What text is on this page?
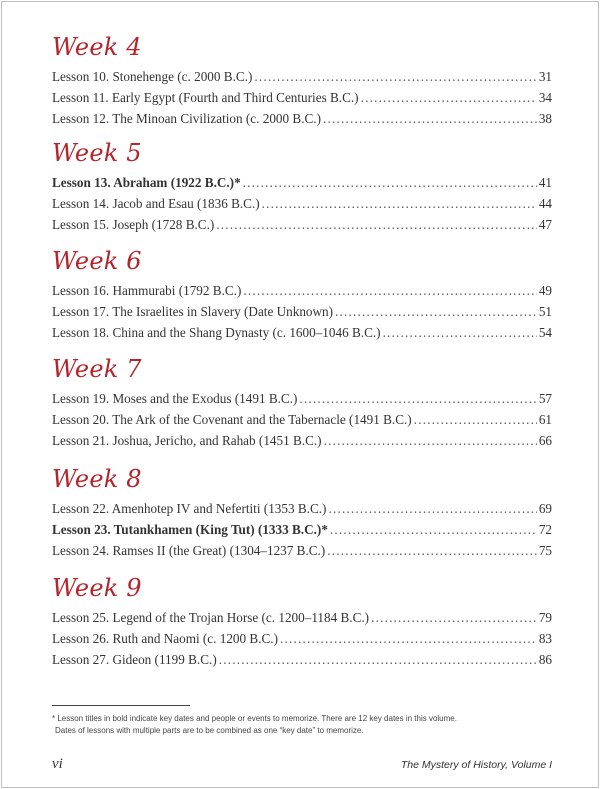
Week 4
Lesson 10. Stonehenge (c. 2000 B.C.) .....	31
Lesson 11. Early Egypt (Fourth and Third Centuries B.C.) .....	34
Lesson 12. The Minoan Civilization (c. 2000 B.C.) .....	38
Week 5
Lesson 13. Abraham (1922 B.C.)* .....	41
Lesson 14. Jacob and Esau (1836 B.C.) .....	44
Lesson 15. Joseph (1728 B.C.) .....	47
Week 6
Lesson 16. Hammurabi (1792 B.C.) .....	49
Lesson 17. The Israelites in Slavery (Date Unknown) .....	51
Lesson 18. China and the Shang Dynasty (c. 1600–1046 B.C.) .....	54
Week 7
Lesson 19. Moses and the Exodus (1491 B.C.) .....	57
Lesson 20. The Ark of the Covenant and the Tabernacle (1491 B.C.) .....	61
Lesson 21. Joshua, Jericho, and Rahab (1451 B.C.) .....	66
Week 8
Lesson 22. Amenhotep IV and Nefertiti (1353 B.C.) .....	69
Lesson 23. Tutankhamen (King Tut) (1333 B.C.)* .....	72
Lesson 24. Ramses II (the Great) (1304–1237 B.C.) .....	75
Week 9
Lesson 25. Legend of the Trojan Horse (c. 1200–1184 B.C.) .....	79
Lesson 26. Ruth and Naomi (c. 1200 B.C.) .....	83
Lesson 27. Gideon (1199 B.C.) .....	86
* Lesson titles in bold indicate key dates and people or events to memorize. There are 12 key dates in this volume.
Dates of lessons with multiple parts are to be combined as one “key date” to memorize.
vi	The Mystery of History, Volume I
